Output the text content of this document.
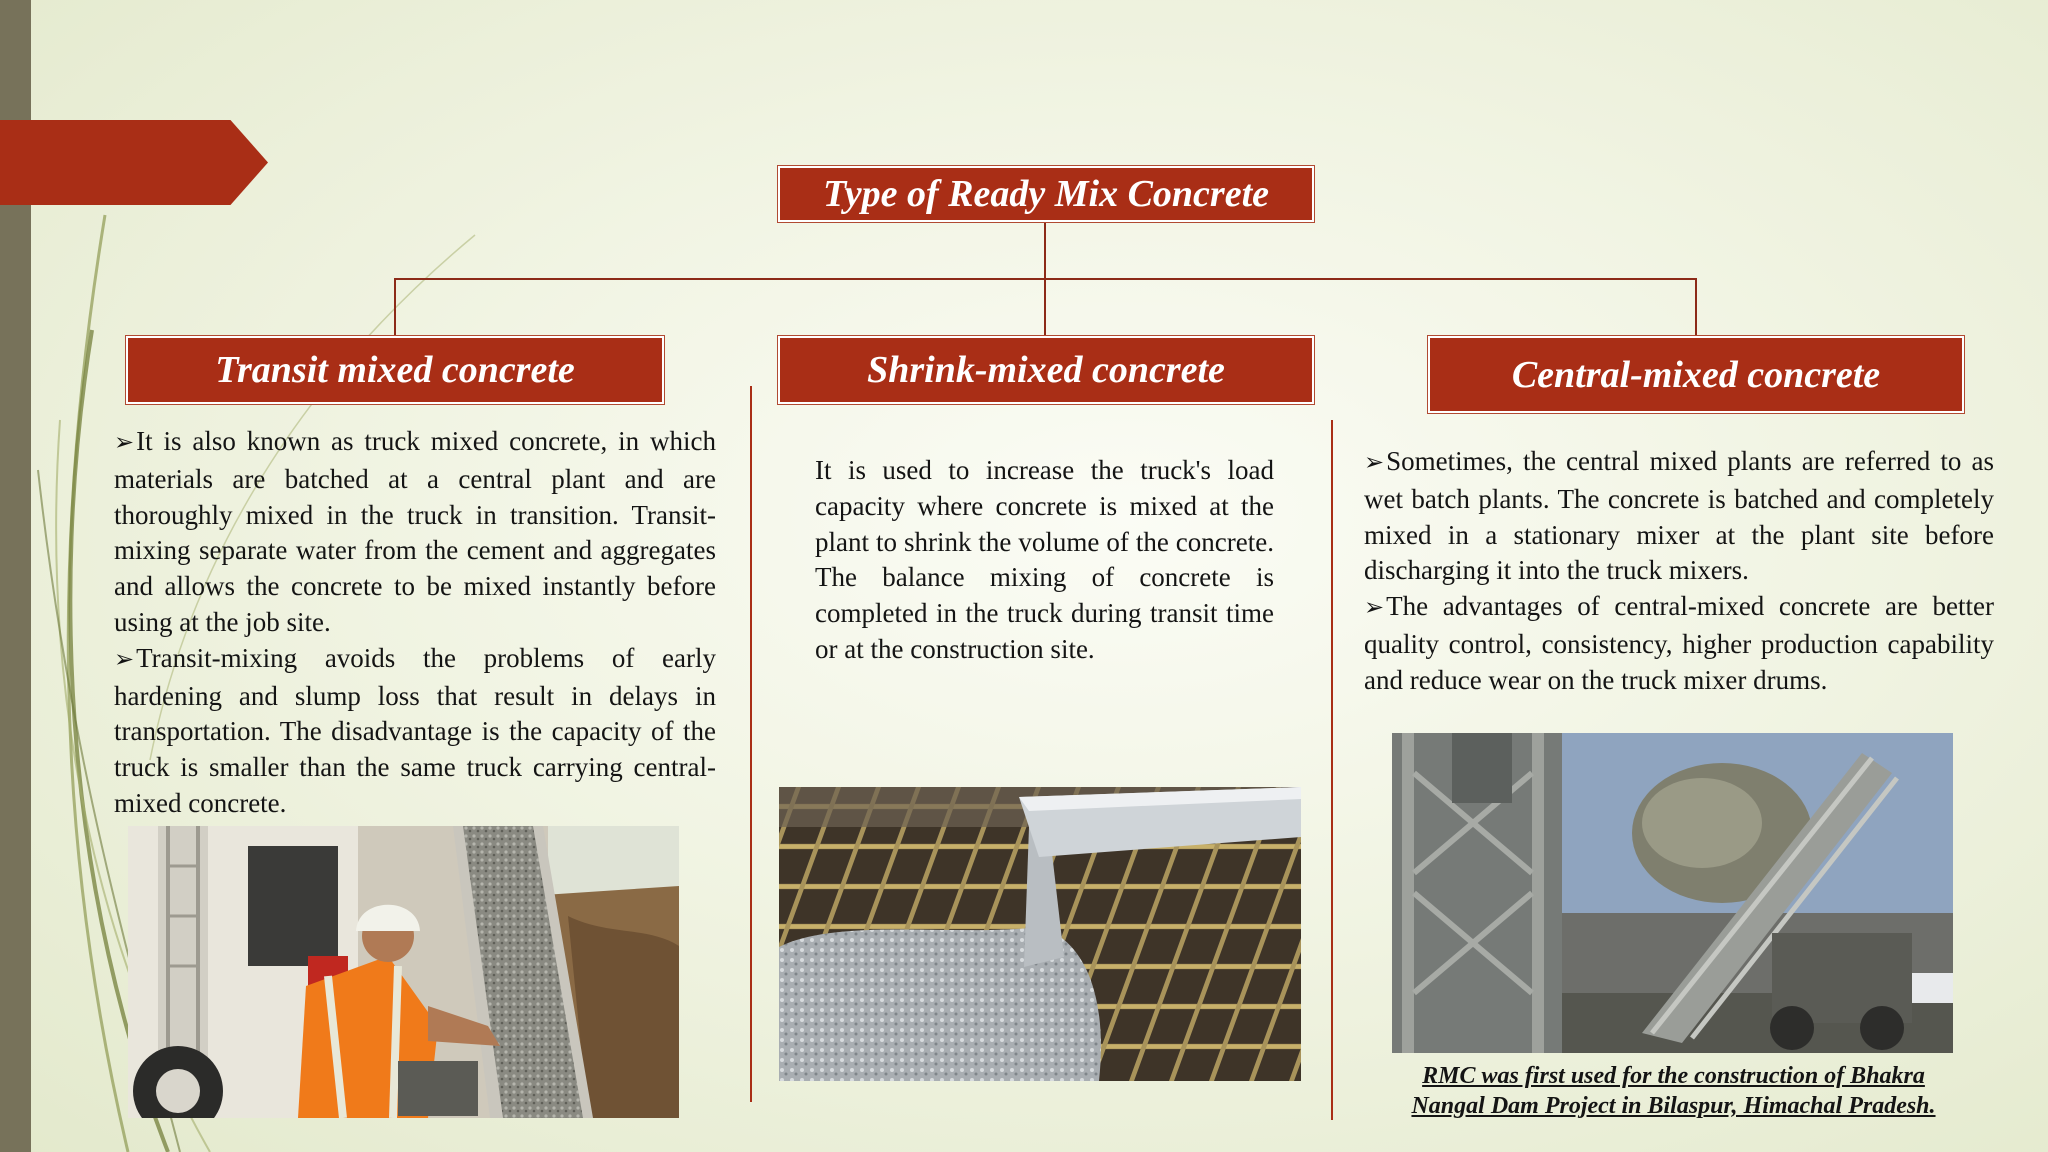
Type of Ready Mix Concrete
Transit mixed concrete	Shrink-mixed concrete	Central-mixed concrete

➢ It is also known as truck mixed concrete, in which materials are batched at a central plant and are thoroughly mixed in the truck in transition. Transit-mixing separate water from the cement and aggregates and allows the concrete to be mixed instantly before using at the job site.

➢ Transit-mixing avoids the problems of early hardening and slump loss that result in delays in transportation. The disadvantage is the capacity of the truck is smaller than the same truck carrying central-mixed concrete.

It is used to increase the truck's load capacity where concrete is mixed at the plant to shrink the volume of the concrete. The balance mixing of concrete is completed in the truck during transit time or at the construction site.

➢ Sometimes, the central mixed plants are referred to as wet batch plants. The concrete is batched and completely mixed in a stationary mixer at the plant site before discharging it into the truck mixers.

➢ The advantages of central-mixed concrete are better quality control, consistency, higher production capability and reduce wear on the truck mixer drums.

RMC was first used for the construction of Bhakra Nangal Dam Project in Bilaspur, Himachal Pradesh.
